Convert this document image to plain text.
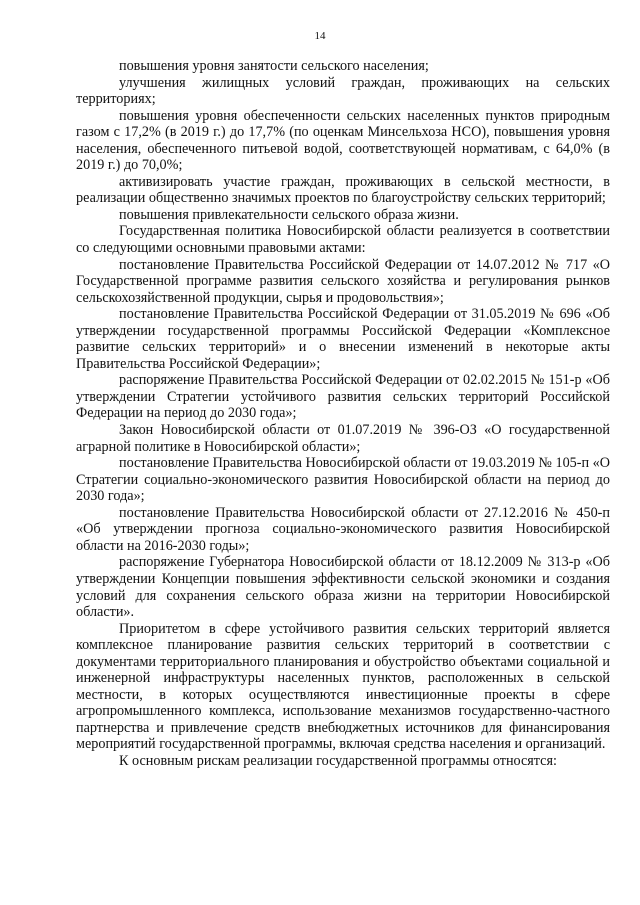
14

повышения уровня занятости сельского населения;

улучшения жилищных условий граждан, проживающих на сельских территориях;

повышения уровня обеспеченности сельских населенных пунктов природным газом с 17,2% (в 2019 г.) до 17,7% (по оценкам Минсельхоза НСО), повышения уровня населения, обеспеченного питьевой водой, соответствующей нормативам, с 64,0% (в 2019 г.) до 70,0%;

активизировать участие граждан, проживающих в сельской местности, в реализации общественно значимых проектов по благоустройству сельских территорий;

повышения привлекательности сельского образа жизни.

Государственная политика Новосибирской области реализуется в соответствии со следующими основными правовыми актами:

постановление Правительства Российской Федерации от 14.07.2012 № 717 «О Государственной программе развития сельского хозяйства и регулирования рынков сельскохозяйственной продукции, сырья и продовольствия»;

постановление Правительства Российской Федерации от 31.05.2019 № 696 «Об утверждении государственной программы Российской Федерации «Комплексное развитие сельских территорий» и о внесении изменений в некоторые акты Правительства Российской Федерации»;

распоряжение Правительства Российской Федерации от 02.02.2015 № 151-р «Об утверждении Стратегии устойчивого развития сельских территорий Российской Федерации на период до 2030 года»;

Закон Новосибирской области от 01.07.2019 № 396-ОЗ «О государственной аграрной политике в Новосибирской области»;

постановление Правительства Новосибирской области от 19.03.2019 № 105-п «О Стратегии социально-экономического развития Новосибирской области на период до 2030 года»;

постановление Правительства Новосибирской области от 27.12.2016 № 450-п «Об утверждении прогноза социально-экономического развития Новосибирской области на 2016-2030 годы»;

распоряжение Губернатора Новосибирской области от 18.12.2009 № 313-р «Об утверждении Концепции повышения эффективности сельской экономики и создания условий для сохранения сельского образа жизни на территории Новосибирской области».

Приоритетом в сфере устойчивого развития сельских территорий является комплексное планирование развития сельских территорий в соответствии с документами территориального планирования и обустройство объектами социальной и инженерной инфраструктуры населенных пунктов, расположенных в сельской местности, в которых осуществляются инвестиционные проекты в сфере агропромышленного комплекса, использование механизмов государственно-частного партнерства и привлечение средств внебюджетных источников для финансирования мероприятий государственной программы, включая средства населения и организаций.

К основным рискам реализации государственной программы относятся:
